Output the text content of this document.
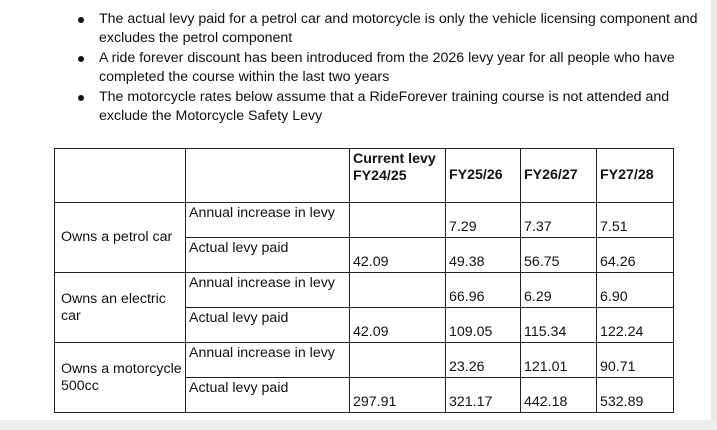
The actual levy paid for a petrol car and motorcycle is only the vehicle licensing component and excludes the petrol component
A ride forever discount has been introduced from the 2026 levy year for all people who have completed the course within the last two years
The motorcycle rates below assume that a RideForever training course is not attended and exclude the Motorcycle Safety Levy
		Current levy FY24/25	FY25/26	FY26/27	FY27/28
Owns a petrol car	Annual increase in levy		7.29	7.37	7.51
	Actual levy paid	42.09	49.38	56.75	64.26
Owns an electric car	Annual increase in levy		66.96	6.29	6.90
	Actual levy paid	42.09	109.05	115.34	122.24
Owns a motorcycle 500cc	Annual increase in levy		23.26	121.01	90.71
	Actual levy paid	297.91	321.17	442.18	532.89
